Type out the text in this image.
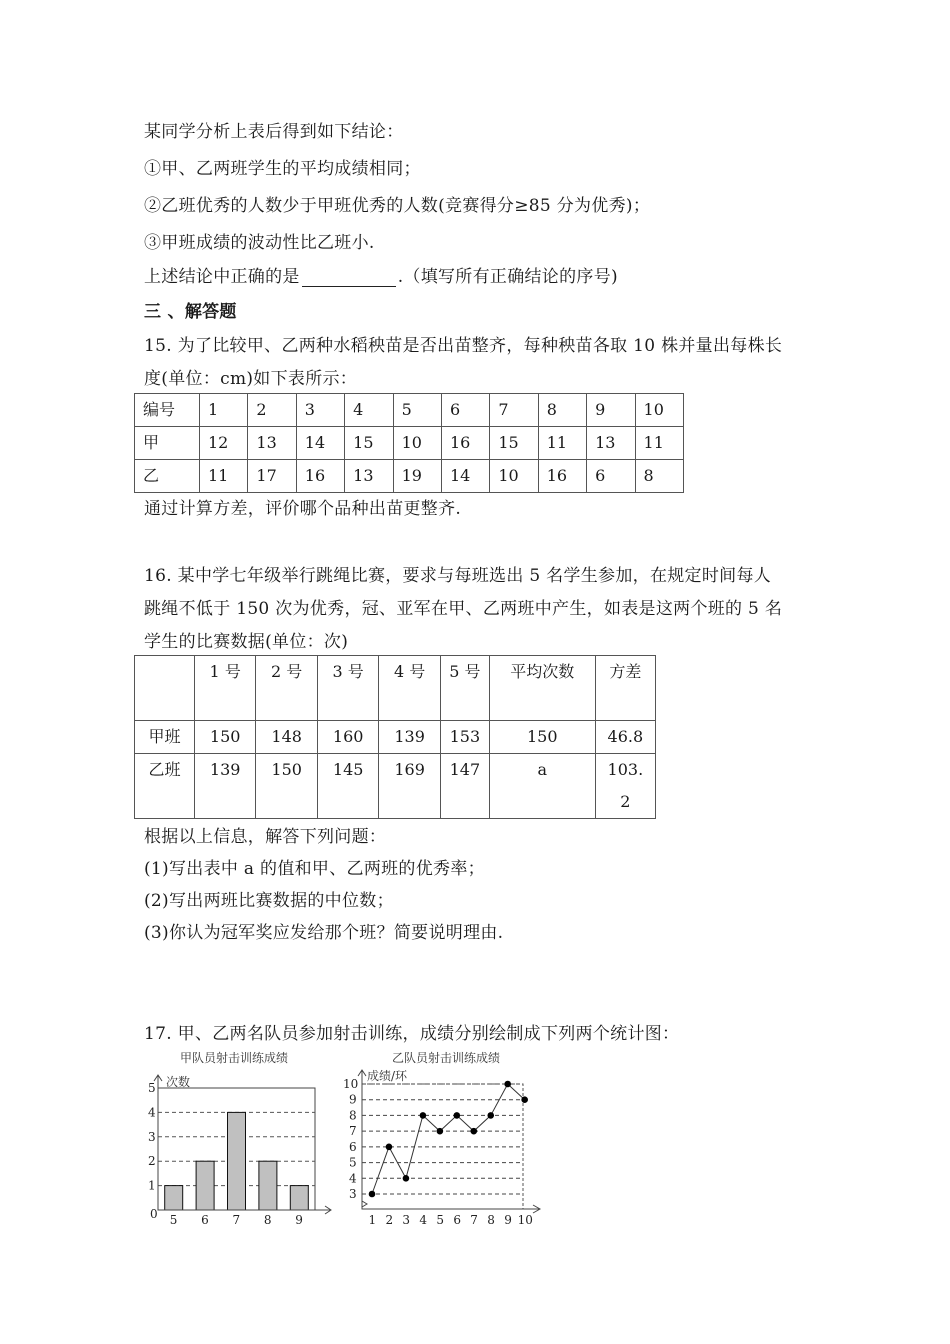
某同学分析上表后得到如下结论：
①甲、乙两班学生的平均成绩相同；
②乙班优秀的人数少于甲班优秀的人数(竞赛得分≥85 分为优秀)；
③甲班成绩的波动性比乙班小.
上述结论中正确的是	.（填写所有正确结论的序号)
三 、解答题
15. 为了比较甲、乙两种水稻秧苗是否出苗整齐，每种秧苗各取 10 株并量出每株长
度(单位：cm)如下表所示：
编号	1	2	3	4	5	6	7	8	9	10
甲	12	13	14	15	10	16	15	11	13	11
乙	11	17	16	13	19	14	10	16	6	8
通过计算方差，评价哪个品种出苗更整齐.
16. 某中学七年级举行跳绳比赛，要求与每班选出 5 名学生参加，在规定时间每人
跳绳不低于 150 次为优秀，冠、亚军在甲、乙两班中产生，如表是这两个班的 5 名
学生的比赛数据(单位：次)
	1 号	2 号	3 号	4 号	5 号	平均次数	方差
甲班	150	148	160	139	153	150	46.8
乙班	139	150	145	169	147	a	103.2
根据以上信息，解答下列问题：
(1)写出表中 a 的值和甲、乙两班的优秀率；
(2)写出两班比赛数据的中位数；
(3)你认为冠军奖应发给那个班？简要说明理由.
17. 甲、乙两名队员参加射击训练，成绩分别绘制成下列两个统计图：
甲队员射击训练成绩
次数
0
1
2
3
4
5
5 6 7 8 9
乙队员射击训练成绩
成绩/环
3
4
5
6
7
8
9
10
1 2 3 4 5 6 7 8 9 10
